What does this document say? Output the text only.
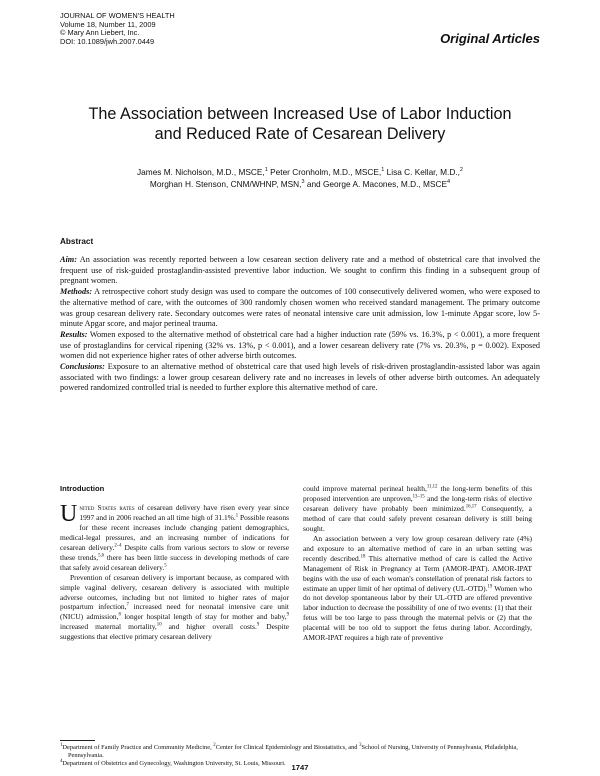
JOURNAL OF WOMEN'S HEALTH
Volume 18, Number 11, 2009
© Mary Ann Liebert, Inc.
DOI: 10.1089/jwh.2007.0449	Original Articles
The Association between Increased Use of Labor Induction
and Reduced Rate of Cesarean Delivery
James M. Nicholson, M.D., MSCE,$^1$ Peter Cronholm, M.D., MSCE,$^1$ Lisa C. Kellar, M.D.,$^2$
Morghan H. Stenson, CNM/WHNP, MSN,$^3$ and George A. Macones, M.D., MSCE$^4$
Abstract

Aim: An association was recently reported between a low cesarean section delivery rate and a method of obstetrical care that involved the frequent use of risk-guided prostaglandin-assisted preventive labor induction. We sought to confirm this finding in a subsequent group of pregnant women.

Methods: A retrospective cohort study design was used to compare the outcomes of 100 consecutively delivered women, who were exposed to the alternative method of care, with the outcomes of 300 randomly chosen women who received standard management. The primary outcome was group cesarean delivery rate. Secondary outcomes were rates of neonatal intensive care unit admission, low 1-minute Apgar score, low 5-minute Apgar score, and major perineal trauma.

Results: Women exposed to the alternative method of obstetrical care had a higher induction rate (59% vs. 16.3%, p < 0.001), a more frequent use of prostaglandins for cervical ripening (32% vs. 13%, p < 0.001), and a lower cesarean delivery rate (7% vs. 20.3%, p = 0.002). Exposed women did not experience higher rates of other adverse birth outcomes.

Conclusions: Exposure to an alternative method of obstetrical care that used high levels of risk-driven prostaglandin-assisted labor was again associated with two findings: a lower group cesarean delivery rate and no increases in levels of other adverse birth outcomes. An adequately powered randomized controlled trial is needed to further explore this alternative method of care.

Introduction

United States rates of cesarean delivery have risen every year since 1997 and in 2006 reached an all time high of 31.1%.$^1$ Possible reasons for these recent increases include changing patient demographics, medical-legal pressures, and an increasing number of indications for cesarean delivery.$^{2-4}$ Despite calls from various sectors to slow or reverse these trends,$^{5,6}$ there has been little success in developing methods of care that safely avoid cesarean delivery.$^5$

Prevention of cesarean delivery is important because, as compared with simple vaginal delivery, cesarean delivery is associated with multiple adverse outcomes, including but not limited to higher rates of major postpartum infection,$^7$ increased need for neonatal intensive care unit (NICU) admission,$^8$ longer hospital length of stay for mother and baby,$^9$ increased maternal mortality,$^{10}$ and higher overall costs.$^9$ Despite suggestions that elective primary cesarean delivery

could improve maternal perineal health,$^{11,12}$ the long-term benefits of this proposed intervention are unproven,$^{13-15}$ and the long-term risks of elective cesarean delivery have probably been minimized.$^{16,17}$ Consequently, a method of care that could safely prevent cesarean delivery is still being sought.

An association between a very low group cesarean delivery rate (4%) and exposure to an alternative method of care in an urban setting was recently described.$^{18}$ This alternative method of care is called the Active Management of Risk in Pregnancy at Term (AMOR-IPAT). AMOR-IPAT begins with the use of each woman's constellation of prenatal risk factors to estimate an upper limit of her optimal of delivery (UL-OTD).$^{19}$ Women who do not develop spontaneous labor by their UL-OTD are offered preventive labor induction to decrease the possibility of one of two events: (1) that their fetus will be too large to pass through the maternal pelvis or (2) that the placental will be too old to support the fetus during labor. Accordingly, AMOR-IPAT requires a high rate of preventive

$^1$Department of Family Practice and Community Medicine, $^2$Center for Clinical Epidemiology and Biostatistics, and $^3$School of Nursing, University of Pennsylvania, Philadelphia, Pennsylvania.
$^4$Department of Obstetrics and Gynecology, Washington University, St. Louis, Missouri. 1747
